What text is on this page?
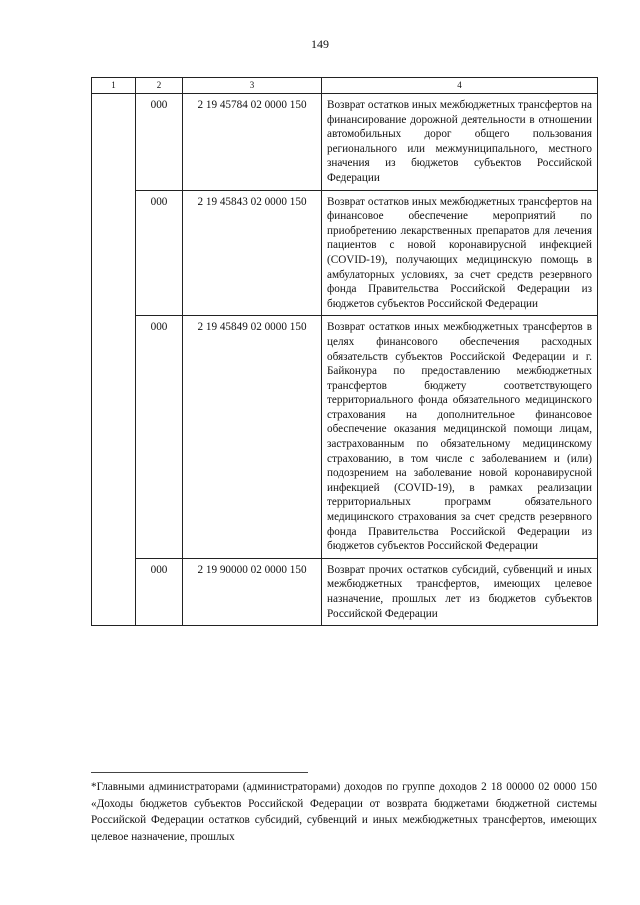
149
1	2	3	4
	000	2 19 45784 02 0000 150	Возврат остатков иных межбюджетных трансфертов на финансирование дорожной деятельности в отношении автомобильных дорог общего пользования регионального или межмуниципального, местного значения из бюджетов субъектов Российской Федерации
	000	2 19 45843 02 0000 150	Возврат остатков иных межбюджетных трансфертов на финансовое обеспечение мероприятий по приобретению лекарственных препаратов для лечения пациентов с новой коронавирусной инфекцией (COVID-19), получающих медицинскую помощь в амбулаторных условиях, за счет средств резервного фонда Правительства Российской Федерации из бюджетов субъектов Российской Федерации
	000	2 19 45849 02 0000 150	Возврат остатков иных межбюджетных трансфертов в целях финансового обеспечения расходных обязательств субъектов Российской Федерации и г. Байконура по предоставлению межбюджетных трансфертов бюджету соответствующего территориального фонда обязательного медицинского страхования на дополнительное финансовое обеспечение оказания медицинской помощи лицам, застрахованным по обязательному медицинскому страхованию, в том числе с заболеванием и (или) подозрением на заболевание новой коронавирусной инфекцией (COVID-19), в рамках реализации территориальных программ обязательного медицинского страхования за счет средств резервного фонда Правительства Российской Федерации из бюджетов субъектов Российской Федерации
	000	2 19 90000 02 0000 150	Возврат прочих остатков субсидий, субвенций и иных межбюджетных трансфертов, имеющих целевое назначение, прошлых лет из бюджетов субъектов Российской Федерации
*Главными администраторами (администраторами) доходов по группе доходов 2 18 00000 02 0000 150 «Доходы бюджетов субъектов Российской Федерации от возврата бюджетами бюджетной системы Российской Федерации остатков субсидий, субвенций и иных межбюджетных трансфертов, имеющих целевое назначение, прошлых
